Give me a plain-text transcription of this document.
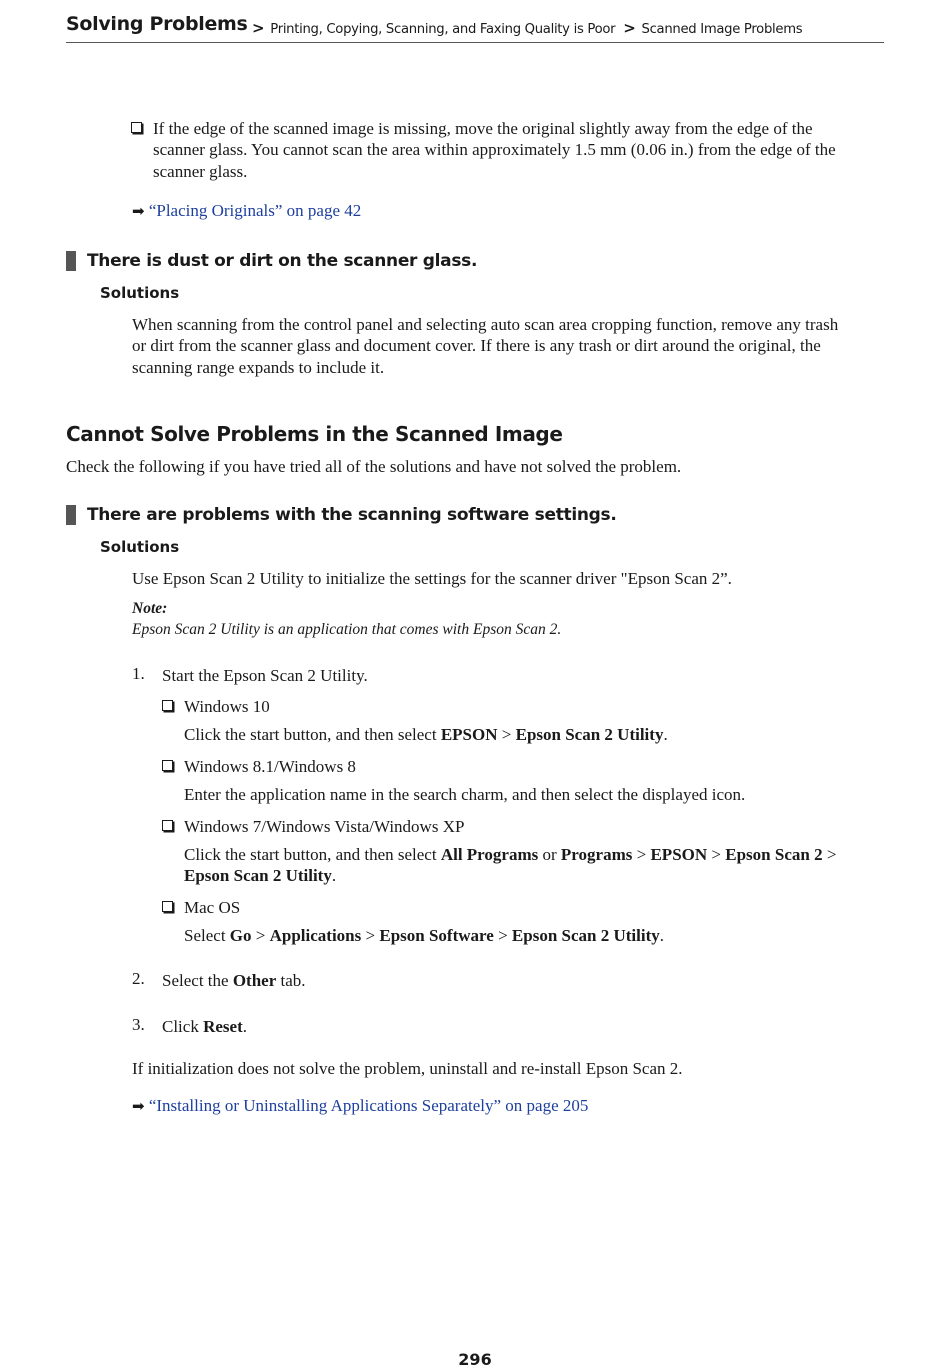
Solving Problems > Printing, Copying, Scanning, and Faxing Quality is Poor > Scanned Image Problems
If the edge of the scanned image is missing, move the original slightly away from the edge of the
scanner glass. You cannot scan the area within approximately 1.5 mm (0.06 in.) from the edge of the
scanner glass.
➡ “Placing Originals” on page 42
There is dust or dirt on the scanner glass.
Solutions
When scanning from the control panel and selecting auto scan area cropping function, remove any trash
or dirt from the scanner glass and document cover. If there is any trash or dirt around the original, the
scanning range expands to include it.
Cannot Solve Problems in the Scanned Image
Check the following if you have tried all of the solutions and have not solved the problem.
There are problems with the scanning software settings.
Solutions
Use Epson Scan 2 Utility to initialize the settings for the scanner driver "Epson Scan 2”.
Note:
Epson Scan 2 Utility is an application that comes with Epson Scan 2.
1. Start the Epson Scan 2 Utility.
Windows 10
Click the start button, and then select EPSON > Epson Scan 2 Utility.
Windows 8.1/Windows 8
Enter the application name in the search charm, and then select the displayed icon.
Windows 7/Windows Vista/Windows XP
Click the start button, and then select All Programs or Programs > EPSON > Epson Scan 2 >
Epson Scan 2 Utility.
Mac OS
Select Go > Applications > Epson Software > Epson Scan 2 Utility.
2. Select the Other tab.
3. Click Reset.
If initialization does not solve the problem, uninstall and re-install Epson Scan 2.
➡ “Installing or Uninstalling Applications Separately” on page 205
296
